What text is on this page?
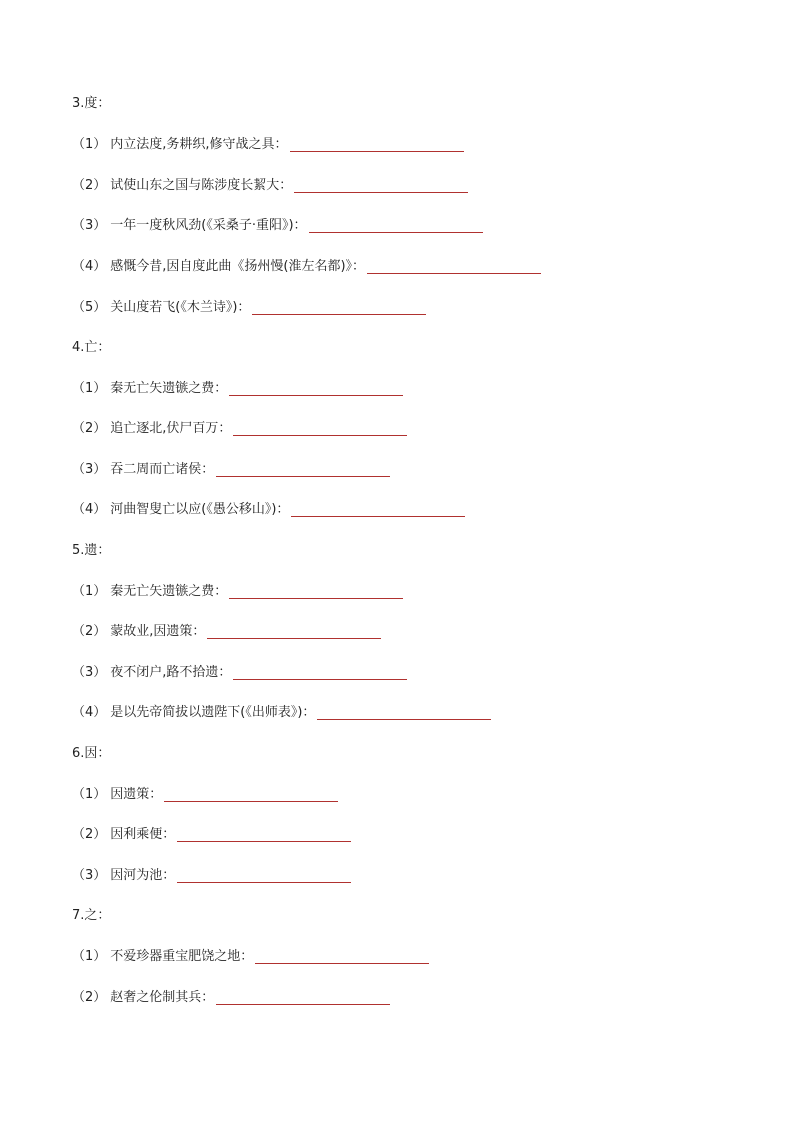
3.度：
（1） 内立法度,务耕织,修守战之具：
（2） 试使山东之国与陈涉度长絜大：
（3） 一年一度秋风劲(《采桑子·重阳》)：
（4） 感慨今昔,因自度此曲《扬州慢(淮左名都)》：
（5） 关山度若飞(《木兰诗》)：
4.亡：
（1） 秦无亡矢遗镞之费：
（2） 追亡逐北,伏尸百万：
（3） 吞二周而亡诸侯：
（4） 河曲智叟亡以应(《愚公移山》)：
5.遗：
（1） 秦无亡矢遗镞之费：
（2） 蒙故业,因遗策：
（3） 夜不闭户,路不拾遗：
（4） 是以先帝简拔以遗陛下(《出师表》)：
6.因：
（1） 因遗策：
（2） 因利乘便：
（3） 因河为池：
7.之：
（1） 不爱珍器重宝肥饶之地：
（2） 赵奢之伦制其兵：
